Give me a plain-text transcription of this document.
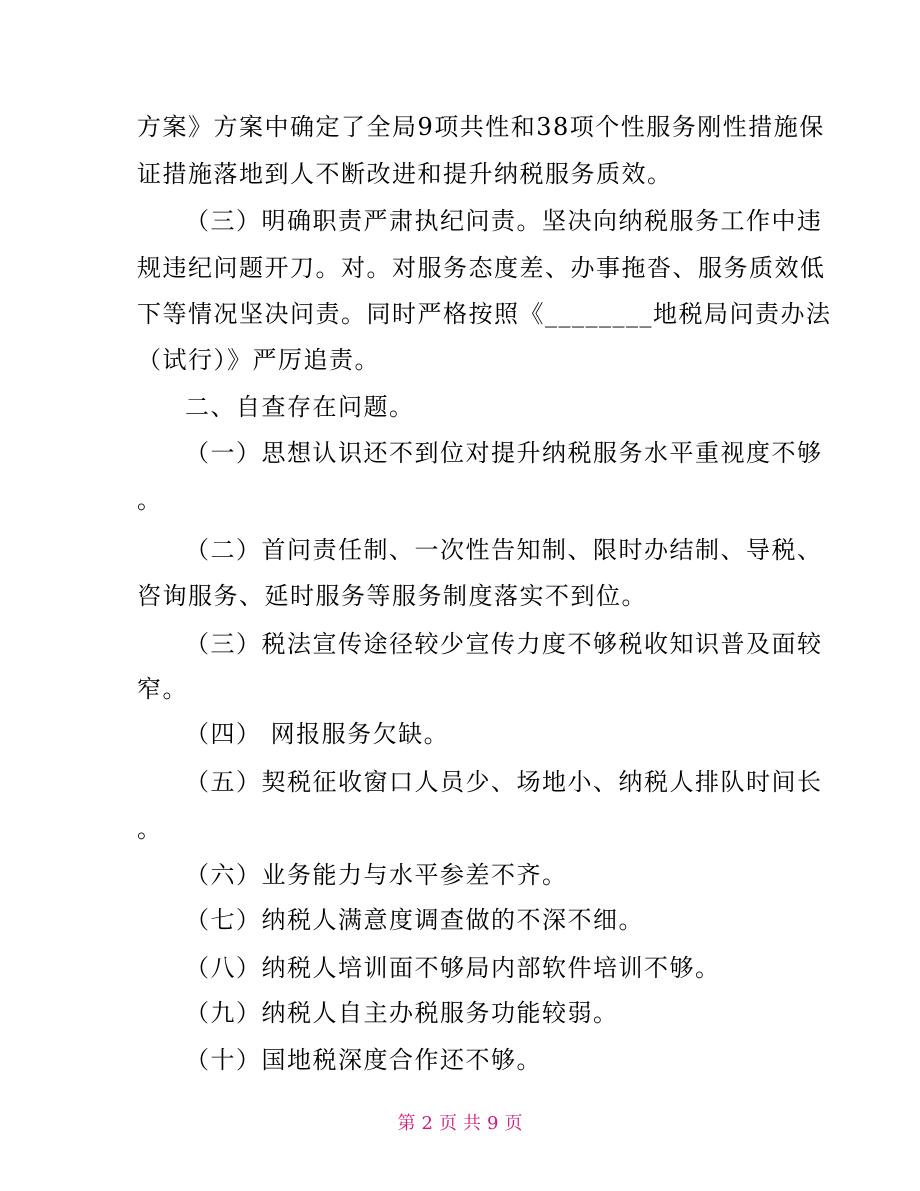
方案》方案中确定了全局9项共性和38项个性服务刚性措施保
证措施落地到人不断改进和提升纳税服务质效。
（三）明确职责严肃执纪问责。坚决向纳税服务工作中违
规违纪问题开刀。对。对服务态度差、办事拖沓、服务质效低
下等情况坚决问责。同时严格按照《________地税局问责办法
（试行）》严厉追责。
二、自查存在问题。
（一）思想认识还不到位对提升纳税服务水平重视度不够
。
（二）首问责任制、一次性告知制、限时办结制、导税、
咨询服务、延时服务等服务制度落实不到位。
（三）税法宣传途径较少宣传力度不够税收知识普及面较
窄。
（四） 网报服务欠缺。
（五）契税征收窗口人员少、场地小、纳税人排队时间长
。
（六）业务能力与水平参差不齐。
（七）纳税人满意度调查做的不深不细。
（八）纳税人培训面不够局内部软件培训不够。
（九）纳税人自主办税服务功能较弱。
（十）国地税深度合作还不够。
第 2 页 共 9 页
